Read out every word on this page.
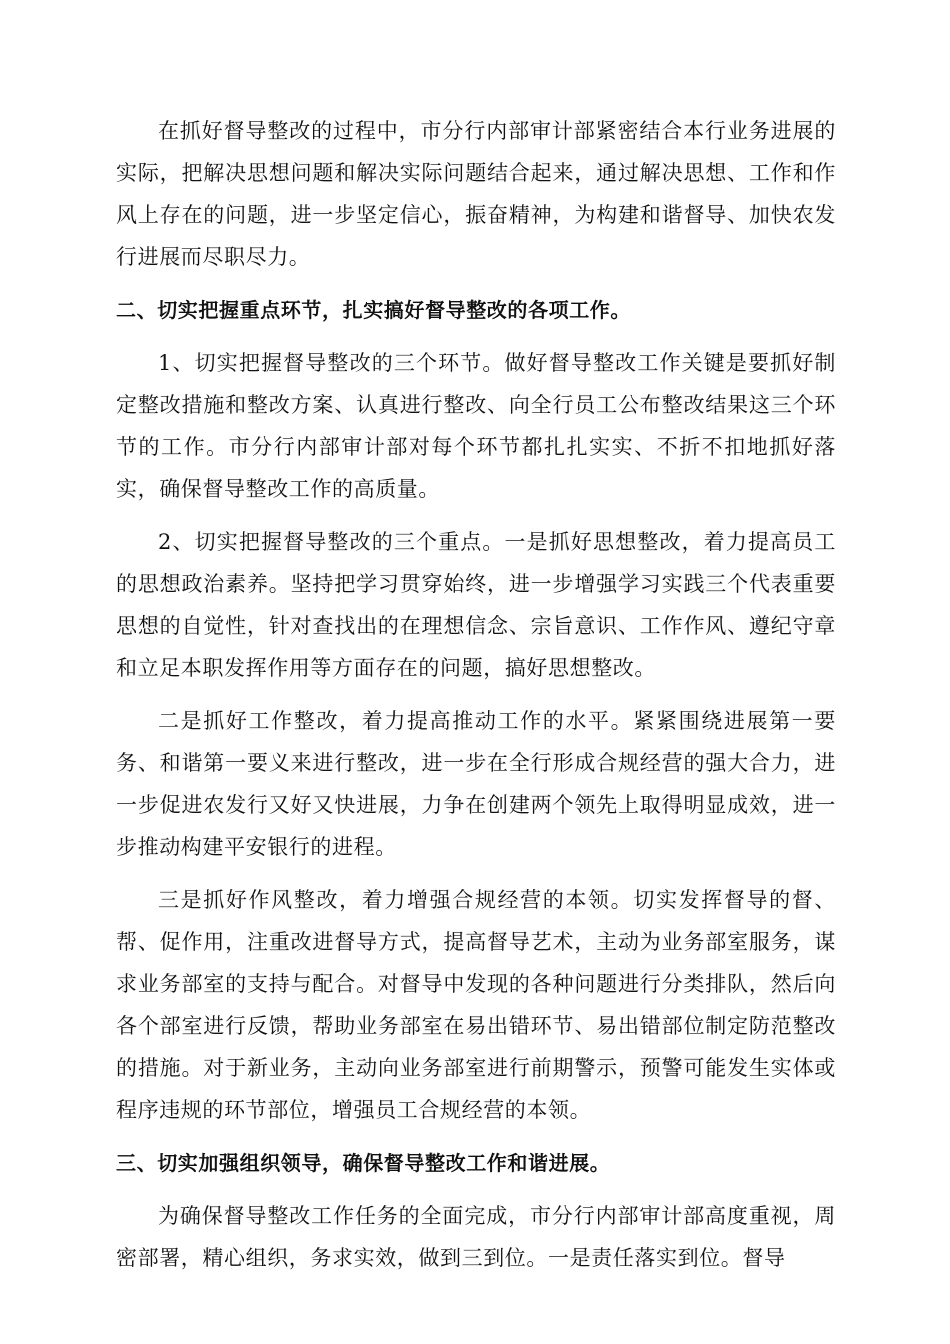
在抓好督导整改的过程中，市分行内部审计部紧密结合本行业务进展的实际，把解决思想问题和解决实际问题结合起来，通过解决思想、工作和作风上存在的问题，进一步坚定信心，振奋精神，为构建和谐督导、加快农发行进展而尽职尽力。

二、切实把握重点环节，扎实搞好督导整改的各项工作。

1、切实把握督导整改的三个环节。做好督导整改工作关键是要抓好制定整改措施和整改方案、认真进行整改、向全行员工公布整改结果这三个环节的工作。市分行内部审计部对每个环节都扎扎实实、不折不扣地抓好落实，确保督导整改工作的高质量。

2、切实把握督导整改的三个重点。一是抓好思想整改，着力提高员工的思想政治素养。坚持把学习贯穿始终，进一步增强学习实践三个代表重要思想的自觉性，针对查找出的在理想信念、宗旨意识、工作作风、遵纪守章和立足本职发挥作用等方面存在的问题，搞好思想整改。

二是抓好工作整改，着力提高推动工作的水平。紧紧围绕进展第一要务、和谐第一要义来进行整改，进一步在全行形成合规经营的强大合力，进一步促进农发行又好又快进展，力争在创建两个领先上取得明显成效，进一步推动构建平安银行的进程。

三是抓好作风整改，着力增强合规经营的本领。切实发挥督导的督、帮、促作用，注重改进督导方式，提高督导艺术，主动为业务部室服务，谋求业务部室的支持与配合。对督导中发现的各种问题进行分类排队，然后向各个部室进行反馈，帮助业务部室在易出错环节、易出错部位制定防范整改的措施。对于新业务，主动向业务部室进行前期警示，预警可能发生实体或程序违规的环节部位，增强员工合规经营的本领。

三、切实加强组织领导，确保督导整改工作和谐进展。

为确保督导整改工作任务的全面完成，市分行内部审计部高度重视，周密部署，精心组织，务求实效，做到三到位。一是责任落实到位。督导
